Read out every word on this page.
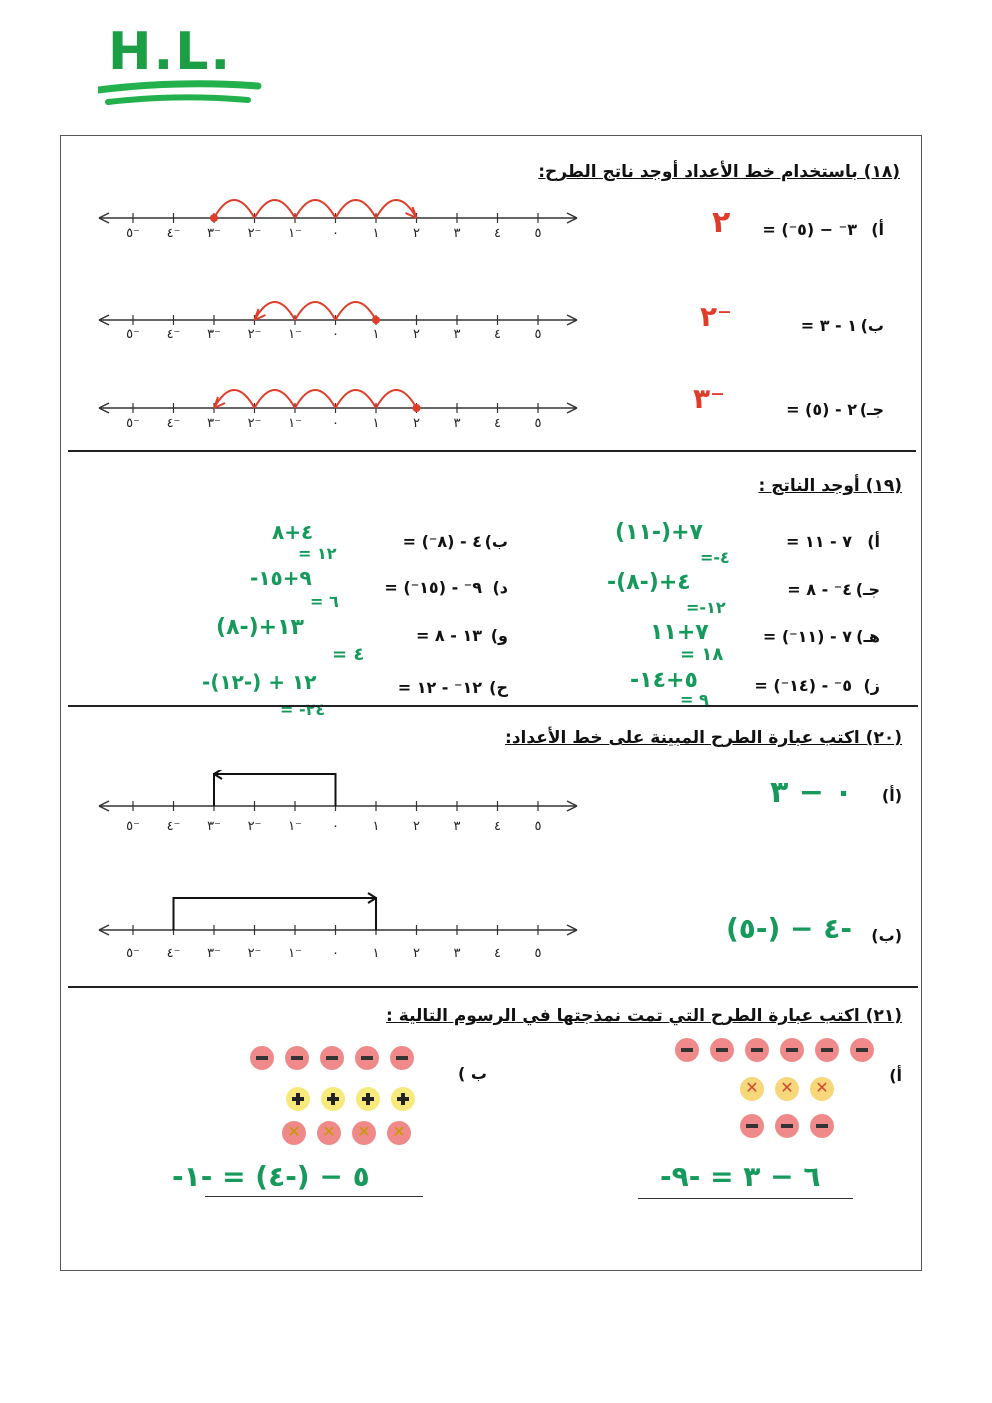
H.L.
(١٨) باستخدام خط الأعداد أوجد ناتج الطرح:
٥⁻ ٤⁻ ٣⁻ ٢⁻ ١⁻ ٠	١	٢	٣	٤	٥
٥⁻ ٤⁻ ٣⁻ ٢⁻ ١⁻ ٠	١	٢	٣	٤	٥
٥⁻ ٤⁻ ٣⁻ ٢⁻ ١⁻ ٠	١	٢	٣	٤	٥
أ)
٣⁻ − (٥⁻) =
٢
ب)
١ - ٣ =
٢⁻
جـ)
٢ - (٥) =
٣⁻
(١٩) أوجد الناتج :
أ)
٧ - ١١ =
٧+(-١١)
=-٤
جـ)
٤⁻ - ٨ =
-٤+(-٨)
=-١٢
هـ)
٧ - (١١⁻) =
٧+١١
= ١٨
ز)
٥⁻ - (١٤⁻) =
-٥+١٤
= ٩
ب)
٤ - (٨⁻) =
٤+٨
= ١٢
د)
٩⁻ - (١٥⁻) =
-٩+١٥
= ٦
و)
١٣ - ٨ =
١٣+(-٨)
= ٤
ح)
١٢⁻ - ١٢ =
-١٢ + (-١٢)
= -٢٤
(٢٠) اكتب عبارة الطرح المبينة على خط الأعداد:
٥⁻ ٤⁻ ٣⁻ ٢⁻ ١⁻ ٠	١	٢	٣	٤	٥
٥⁻ ٤⁻ ٣⁻ ٢⁻ ١⁻ ٠	١	٢	٣	٤	٥
(أ)
٠ − ٣
(ب)
-٤ − (-٥)
(٢١) اكتب عبارة الطرح التي تمت نمذجتها في الرسوم التالية :
أ)
ب )
✕✕✕
✕✕✕✕
-٦ − ٣ = -٩
-٥ − (-٤) = -١
